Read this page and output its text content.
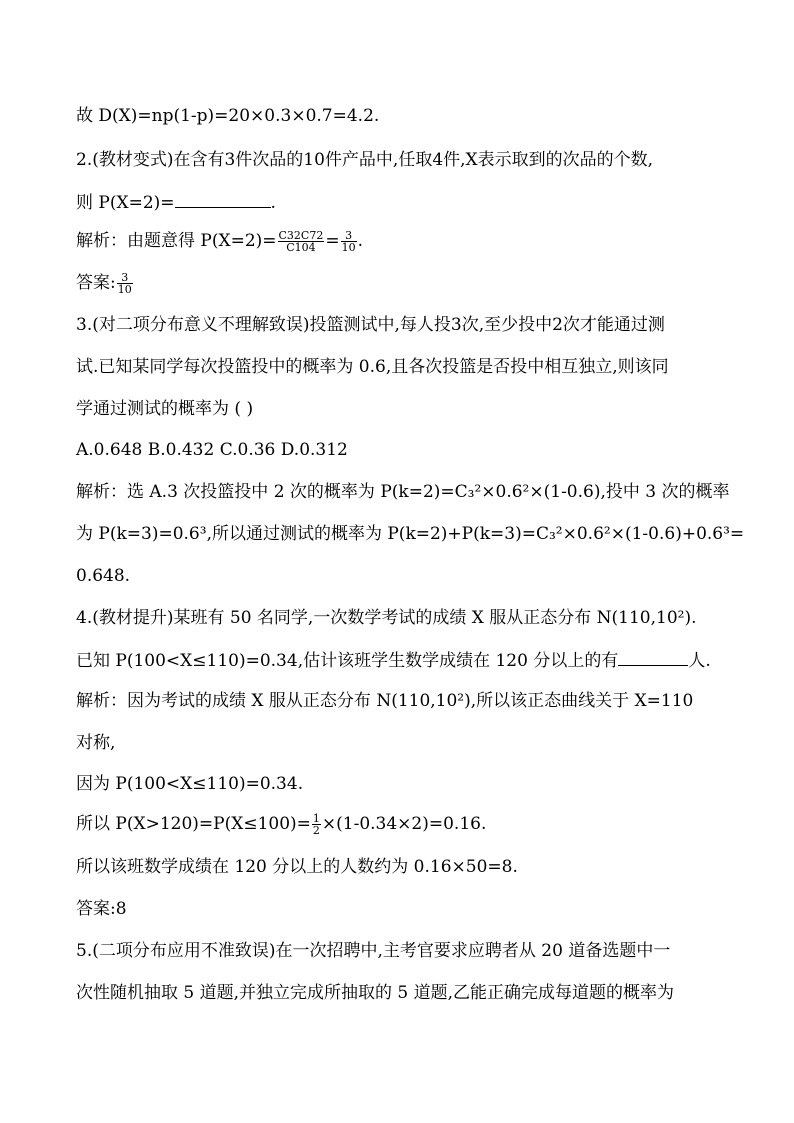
故 D(X)=np(1-p)=20×0.3×0.7=4.2.
2.(教材变式)在含有3件次品的10件产品中,任取4件,X表示取到的次品的个数,
则 P(X=2)=	.
解析：由题意得 $P(X=2)= \frac{C32C72}{C104} = \frac{3}{10}$ .
答案: $\frac{3}{10}$
3.(对二项分布意义不理解致误)投篮测试中,每人投3次,至少投中2次才能通过测
试.已知某同学每次投篮投中的概率为 0.6,且各次投篮是否投中相互独立,则该同
学通过测试的概率为 ( )
A.0.648 B.0.432 C.0.36 D.0.312
解析：选 A.3 次投篮投中 2 次的概率为 P(k=2)=C₃²×0.6²×(1-0.6),投中 3 次的概率
为 P(k=3)=0.6³,所以通过测试的概率为 P(k=2)+P(k=3)=C₃²×0.6²×(1-0.6)+0.6³=
0.648.
4.(教材提升)某班有 50 名同学,一次数学考试的成绩 X 服从正态分布 N(110,10²).
已知 P(100<X≤110)=0.34,估计该班学生数学成绩在 120 分以上的有	人.
解析：因为考试的成绩 X 服从正态分布 N(110,10²),所以该正态曲线关于 X=110
对称,
因为 P(100<X≤110)=0.34.
所以 $P(X>120)=P(X\le 100)= \frac{1}{2} \times(1-0.34\times 2)=0.16$.
所以该班数学成绩在 120 分以上的人数约为 0.16×50=8.
答案:8
5.(二项分布应用不准致误)在一次招聘中,主考官要求应聘者从 20 道备选题中一
次性随机抽取 5 道题,并独立完成所抽取的 5 道题,乙能正确完成每道题的概率为
